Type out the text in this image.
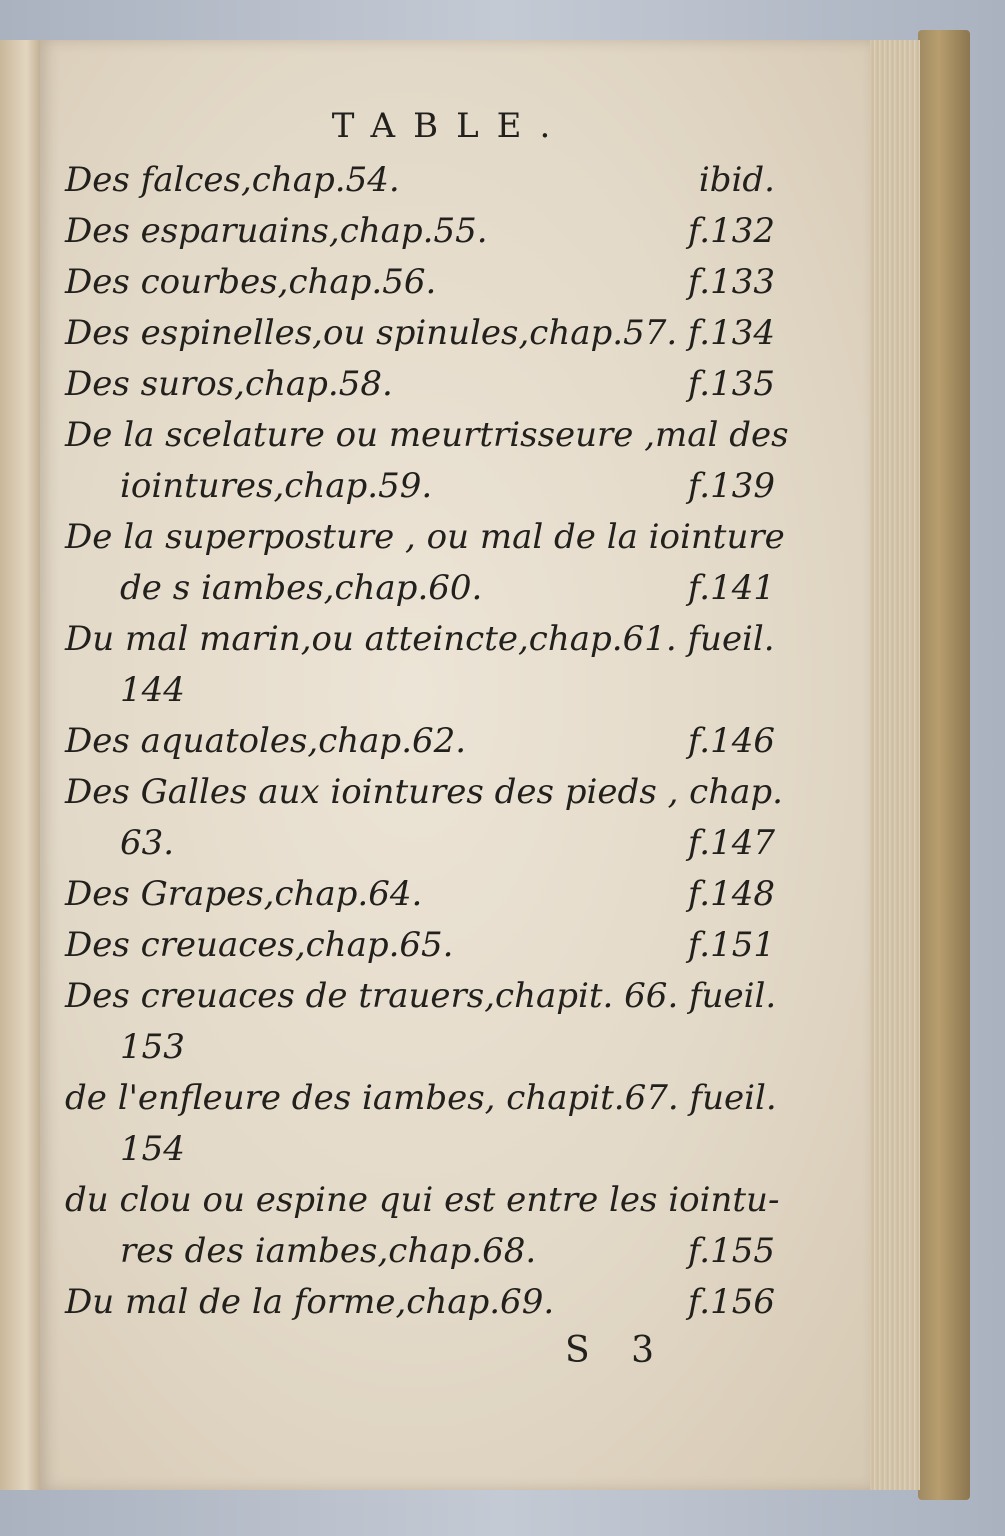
TABLE.
Des falces,chap.54.	ibid.
Des esparuains,chap.55.	f.132
Des courbes,chap.56.	f.133
Des espinelles,ou spinules,chap.57. f.134
Des suros,chap.58.	f.135
De la scelature ou meurtrisseure ,mal des
iointures,chap.59.	f.139
De la superposture , ou mal de la iointure
de s iambes,chap.60.	f.141
Du mal marin,ou atteincte,chap.61. fueil.
144
Des aquatoles,chap.62.	f.146
Des Galles aux iointures des pieds , chap.
63.	f.147
Des Grapes,chap.64.	f.148
Des creuaces,chap.65.	f.151
Des creuaces de trauers,chapit. 66. fueil.
153
de l'enfleure des iambes, chapit.67. fueil.
154
du clou ou espine qui est entre les iointu-
res des iambes,chap.68.	f.155
Du mal de la forme,chap.69.	f.156
S 3
